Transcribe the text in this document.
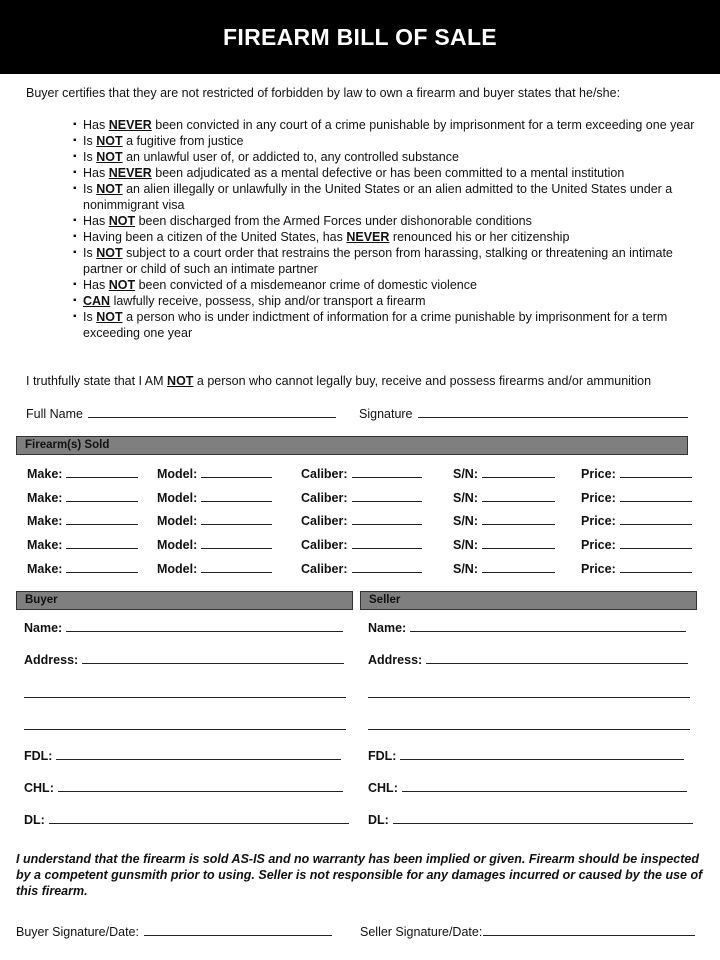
FIREARM BILL OF SALE
Buyer certifies that they are not restricted of forbidden by law to own a firearm and buyer states that he/she:
▪ Has NEVER been convicted in any court of a crime punishable by imprisonment for a term exceeding one year
▪ Is NOT a fugitive from justice
▪ Is NOT an unlawful user of, or addicted to, any controlled substance
▪ Has NEVER been adjudicated as a mental defective or has been committed to a mental institution
▪ Is NOT an alien illegally or unlawfully in the United States or an alien admitted to the United States under a nonimmigrant visa
▪ Has NOT been discharged from the Armed Forces under dishonorable conditions
▪ Having been a citizen of the United States, has NEVER renounced his or her citizenship
▪ Is NOT subject to a court order that restrains the person from harassing, stalking or threatening an intimate partner or child of such an intimate partner
▪ Has NOT been convicted of a misdemeanor crime of domestic violence
▪ CAN lawfully receive, possess, ship and/or transport a firearm
▪ Is NOT a person who is under indictment of information for a crime punishable by imprisonment for a term exceeding one year
I truthfully state that I AM NOT a person who cannot legally buy, receive and possess firearms and/or ammunition
Full Name	Signature
Firearm(s) Sold
Make:	Model:	Caliber:	S/N:	Price:
Make:	Model:	Caliber:	S/N:	Price:
Make:	Model:	Caliber:	S/N:	Price:
Make:	Model:	Caliber:	S/N:	Price:
Make:	Model:	Caliber:	S/N:	Price:
Buyer	Seller
Name:
Address:
FDL:
CHL:
DL:
Name:
Address:
FDL:
CHL:
DL:
I understand that the firearm is sold AS-IS and no warranty has been implied or given. Firearm should be inspected by a competent gunsmith prior to using. Seller is not responsible for any damages incurred or caused by the use of this firearm.
Buyer Signature/Date:	Seller Signature/Date:
